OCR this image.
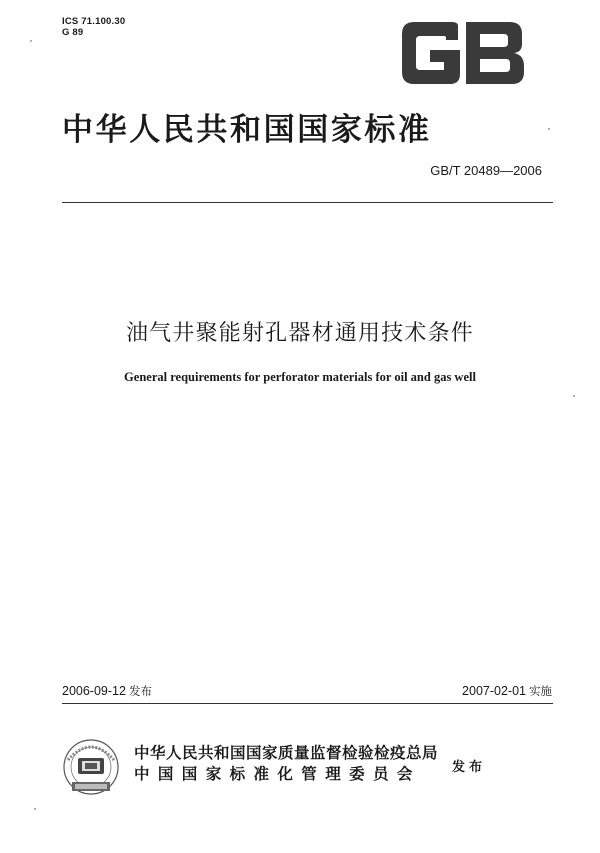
ICS 71.100.30
G 89
中华人民共和国国家标准
GB/T 20489—2006
油气井聚能射孔器材通用技术条件
General requirements for perforator materials for oil and gas well
2006-09-12 发布	2007-02-01 实施
中华人民共和国国家质量监督检验检疫总局
中国国家标准化管理委员会	发布
